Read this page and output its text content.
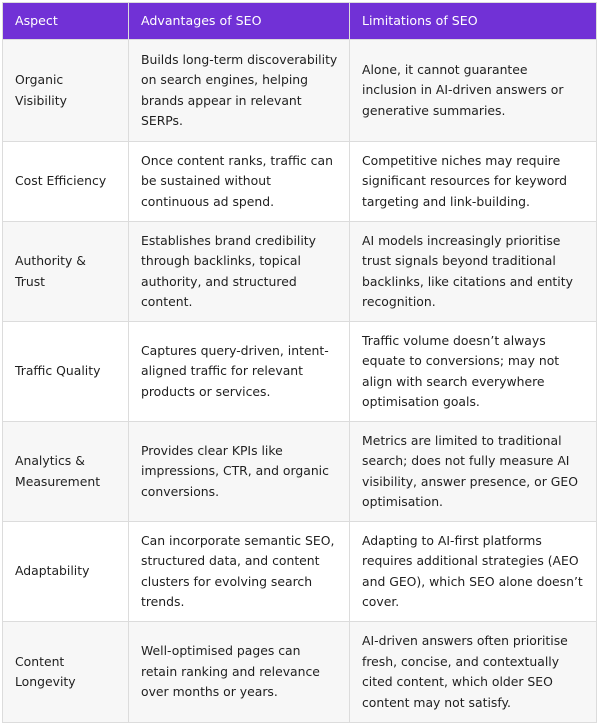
Aspect	Advantages of SEO	Limitations of SEO
Organic Visibility	Builds long-term discoverability on search engines, helping brands appear in relevant SERPs.	Alone, it cannot guarantee inclusion in AI-driven answers or generative summaries.
Cost Efficiency	Once content ranks, traffic can be sustained without continuous ad spend.	Competitive niches may require significant resources for keyword targeting and link-building.
Authority & Trust	Establishes brand credibility through backlinks, topical authority, and structured content.	AI models increasingly prioritise trust signals beyond traditional backlinks, like citations and entity recognition.
Traffic Quality	Captures query-driven, intent-aligned traffic for relevant products or services.	Traffic volume doesn’t always equate to conversions; may not align with search everywhere optimisation goals.
Analytics & Measurement	Provides clear KPIs like impressions, CTR, and organic conversions.	Metrics are limited to traditional search; does not fully measure AI visibility, answer presence, or GEO optimisation.
Adaptability	Can incorporate semantic SEO, structured data, and content clusters for evolving search trends.	Adapting to AI-first platforms requires additional strategies (AEO and GEO), which SEO alone doesn’t cover.
Content Longevity	Well-optimised pages can retain ranking and relevance over months or years.	AI-driven answers often prioritise fresh, concise, and contextually cited content, which older SEO content may not satisfy.
